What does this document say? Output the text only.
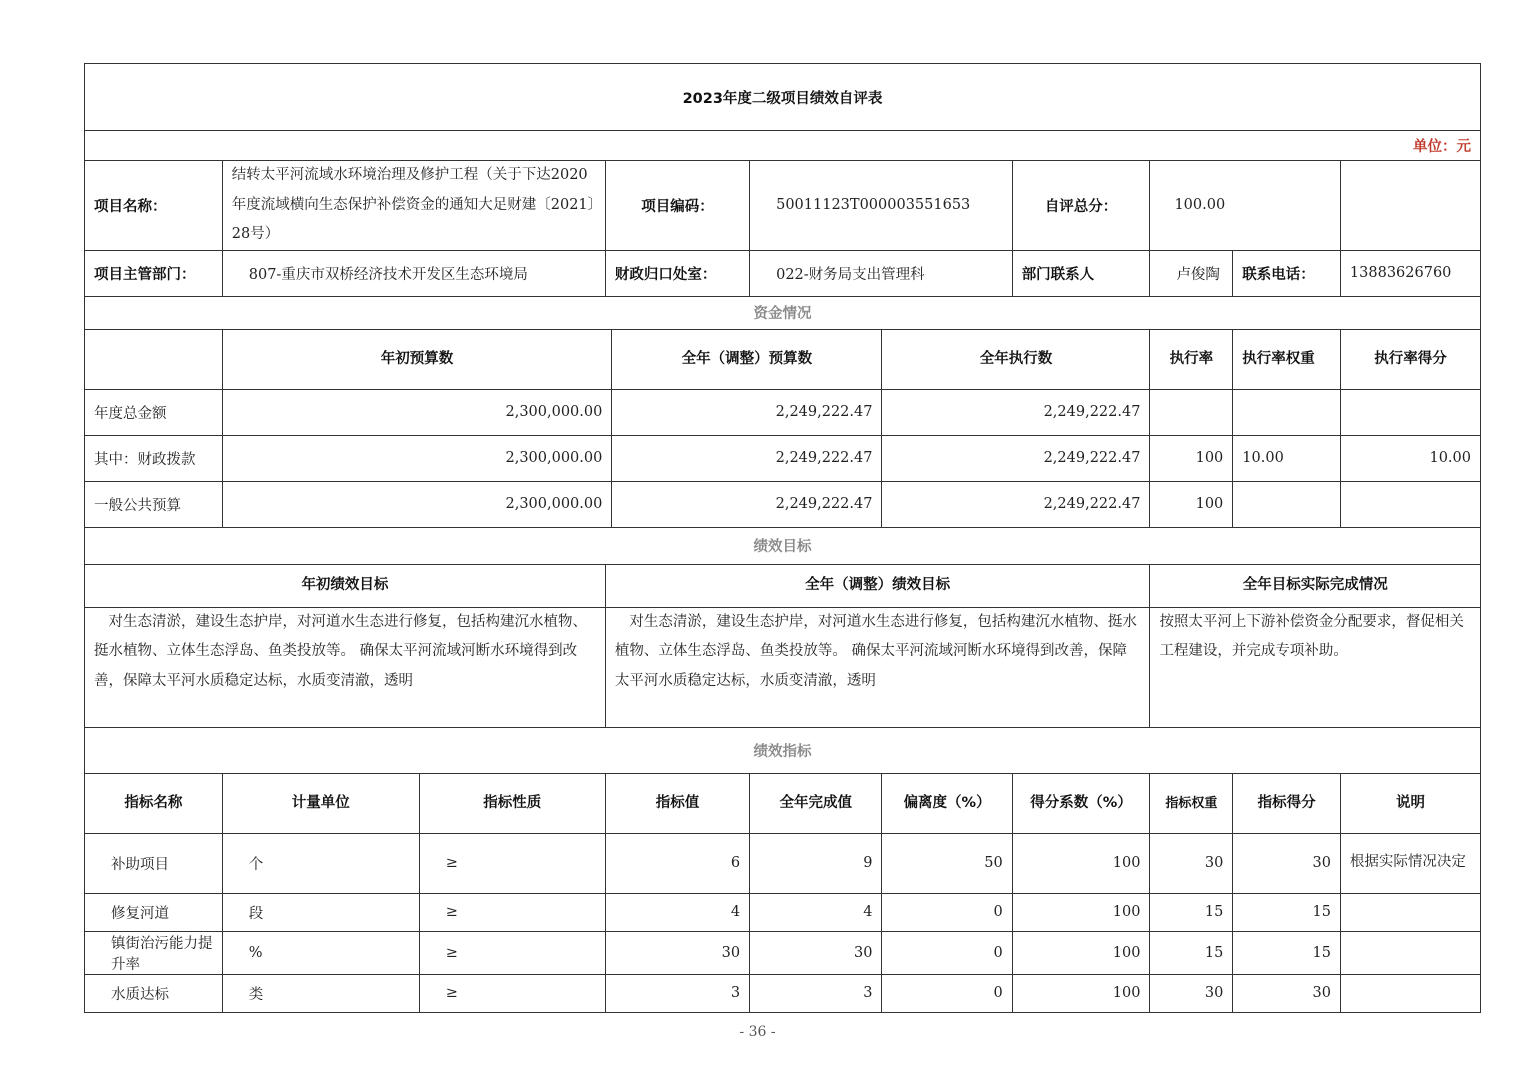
2023年度二级项目绩效自评表										
单位：元										
项目名称：	结转太平河流域水环境治理及修护工程（关于下达2020年度流域横向生态保护补偿资金的通知大足财建〔2021〕28号）		项目编码：		50011123T000003551653		自评总分：	100.00		
项目主管部门：	807-重庆市双桥经济技术开发区生态环境局		财政归口处室：		022-财务局支出管理科		部门联系人	卢俊陶	联系电话：	13883626760
资金情况										
	年初预算数			全年（调整）预算数		全年执行数		执行率	执行率权重	执行率得分
年度总金额	2,300,000.00			2,249,222.47		2,249,222.47				
其中：财政拨款	2,300,000.00			2,249,222.47		2,249,222.47		100	10.00	10.00
一般公共预算	2,300,000.00			2,249,222.47		2,249,222.47		100		
绩效目标										
年初绩效目标			全年（调整）绩效目标					全年目标实际完成情况		
对生态清淤，建设生态护岸，对河道水生态进行修复，包括构建沉水植物、挺水植物、立体生态浮岛、鱼类投放等。 确保太平河流域河断水环境得到改善，保障太平河水质稳定达标，水质变清澈，透明			对生态清淤，建设生态护岸，对河道水生态进行修复，包括构建沉水植物、挺水植物、立体生态浮岛、鱼类投放等。 确保太平河流域河断水环境得到改善，保障太平河水质稳定达标，水质变清澈，透明					按照太平河上下游补偿资金分配要求，督促相关工程建设，并完成专项补助。		
绩效指标										
指标名称	计量单位	指标性质	指标值		全年完成值	偏离度（%）	得分系数（%）	指标权重	指标得分	说明
补助项目	个	≥	6		9	50	100	30	30	根据实际情况决定
修复河道	段	≥	4		4	0	100	15	15	
镇街治污能力提升率	%	≥	30		30	0	100	15	15	
水质达标	类	≥	3		3	0	100	30	30	
- 36 -
